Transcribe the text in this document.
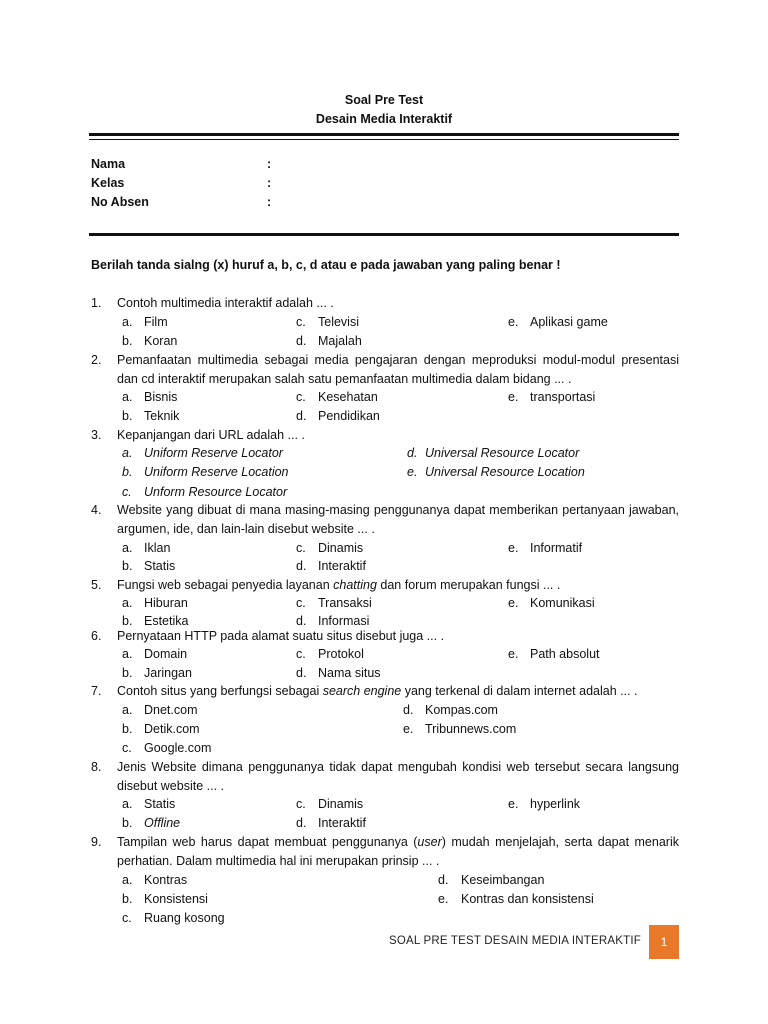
Soal Pre Test
Desain Media Interaktif
Nama	:
Kelas	:
No Absen	:
Berilah tanda sialng (x) huruf a, b, c, d atau e pada jawaban yang paling benar !
1. Contoh multimedia interaktif adalah ... .
a. Film
b. Koran
c. Televisi
d. Majalah
e. Aplikasi game
2. Pemanfaatan multimedia sebagai media pengajaran dengan meproduksi modul-modul presentasi
dan cd interaktif merupakan salah satu pemanfaatan multimedia dalam bidang ... .
a. Bisnis
b. Teknik
c. Kesehatan
d. Pendidikan
e. transportasi
3. Kepanjangan dari URL adalah ... .
a. Uniform Reserve Locator
b. Uniform Reserve Location
c. Unform Resource Locator
d. Universal Resource Locator
e. Universal Resource Location
4. Website yang dibuat di mana masing-masing penggunanya dapat memberikan pertanyaan jawaban,
argumen, ide, dan lain-lain disebut website ... .
a. Iklan
b. Statis
c. Dinamis
d. Interaktif
e. Informatif
5. Fungsi web sebagai penyedia layanan chatting dan forum merupakan fungsi ... .
a. Hiburan
b. Estetika
c. Transaksi
d. Informasi
e. Komunikasi
6. Pernyataan HTTP pada alamat suatu situs disebut juga ... .
a. Domain
b. Jaringan
c. Protokol
d. Nama situs
e. Path absolut
7. Contoh situs yang berfungsi sebagai search engine yang terkenal di dalam internet adalah ... .
a. Dnet.com
b. Detik.com
c. Google.com
d. Kompas.com
e. Tribunnews.com
8. Jenis Website dimana penggunanya tidak dapat mengubah kondisi web tersebut secara langsung
disebut website ... .
a. Statis
b. Offline
c. Dinamis
d. Interaktif
e. hyperlink
9. Tampilan web harus dapat membuat penggunanya (user) mudah menjelajah, serta dapat menarik
perhatian. Dalam multimedia hal ini merupakan prinsip ... .
a. Kontras
b. Konsistensi
c. Ruang kosong
d. Keseimbangan
e. Kontras dan konsistensi
SOAL PRE TEST DESAIN MEDIA INTERAKTIF	1
